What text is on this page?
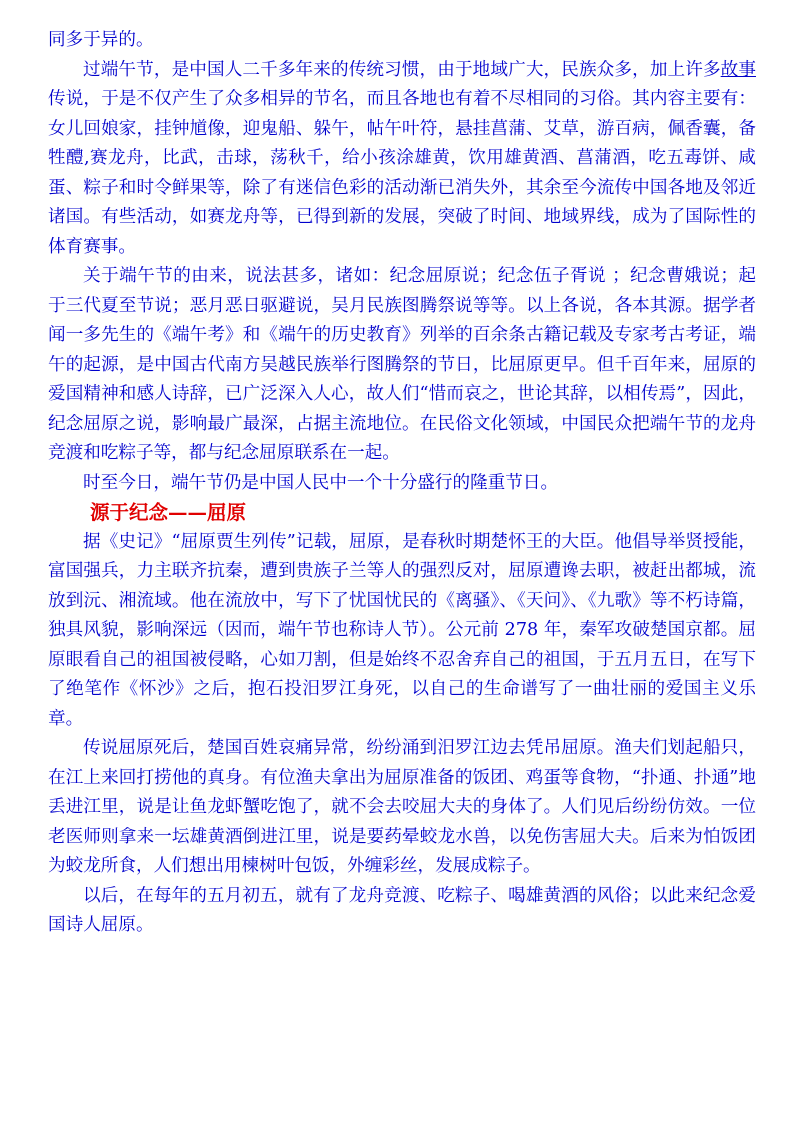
同多于异的。

过端午节，是中国人二千多年来的传统习惯，由于地域广大，民族众多，加上许多故事传说，于是不仅产生了众多相异的节名，而且各地也有着不尽相同的习俗。其内容主要有：女儿回娘家，挂钟馗像，迎鬼船、躲午，帖午叶符，悬挂菖蒲、艾草，游百病，佩香囊，备牲醴,赛龙舟，比武，击球，荡秋千，给小孩涂雄黄，饮用雄黄酒、菖蒲酒，吃五毒饼、咸蛋、粽子和时令鲜果等，除了有迷信色彩的活动渐已消失外，其余至今流传中国各地及邻近诸国。有些活动，如赛龙舟等，已得到新的发展，突破了时间、地域界线，成为了国际性的体育赛事。

关于端午节的由来，说法甚多，诸如：纪念屈原说；纪念伍子胥说 ；纪念曹娥说；起于三代夏至节说；恶月恶日驱避说，吴月民族图腾祭说等等。以上各说，各本其源。据学者闻一多先生的《端午考》和《端午的历史教育》列举的百余条古籍记载及专家考古考证，端午的起源，是中国古代南方吴越民族举行图腾祭的节日，比屈原更早。但千百年来，屈原的爱国精神和感人诗辞，已广泛深入人心，故人们“惜而哀之，世论其辞，以相传焉”，因此，纪念屈原之说，影响最广最深，占据主流地位。在民俗文化领域，中国民众把端午节的龙舟竞渡和吃粽子等，都与纪念屈原联系在一起。

时至今日，端午节仍是中国人民中一个十分盛行的隆重节日。

源于纪念——屈原

据《史记》“屈原贾生列传”记载，屈原，是春秋时期楚怀王的大臣。他倡导举贤授能，富国强兵，力主联齐抗秦，遭到贵族子兰等人的强烈反对，屈原遭谗去职，被赶出都城，流放到沅、湘流域。他在流放中，写下了忧国忧民的《离骚》、《天问》、《九歌》等不朽诗篇，独具风貌，影响深远（因而，端午节也称诗人节）。公元前 278 年，秦军攻破楚国京都。屈原眼看自己的祖国被侵略，心如刀割，但是始终不忍舍弃自己的祖国，于五月五日，在写下了绝笔作《怀沙》之后，抱石投汨罗江身死，以自己的生命谱写了一曲壮丽的爱国主义乐章。

传说屈原死后，楚国百姓哀痛异常，纷纷涌到汨罗江边去凭吊屈原。渔夫们划起船只，在江上来回打捞他的真身。有位渔夫拿出为屈原准备的饭团、鸡蛋等食物，“扑通、扑通”地丢进江里，说是让鱼龙虾蟹吃饱了，就不会去咬屈大夫的身体了。人们见后纷纷仿效。一位老医师则拿来一坛雄黄酒倒进江里，说是要药晕蛟龙水兽，以免伤害屈大夫。后来为怕饭团为蛟龙所食，人们想出用楝树叶包饭，外缠彩丝，发展成粽子。

以后，在每年的五月初五，就有了龙舟竞渡、吃粽子、喝雄黄酒的风俗；以此来纪念爱国诗人屈原。
